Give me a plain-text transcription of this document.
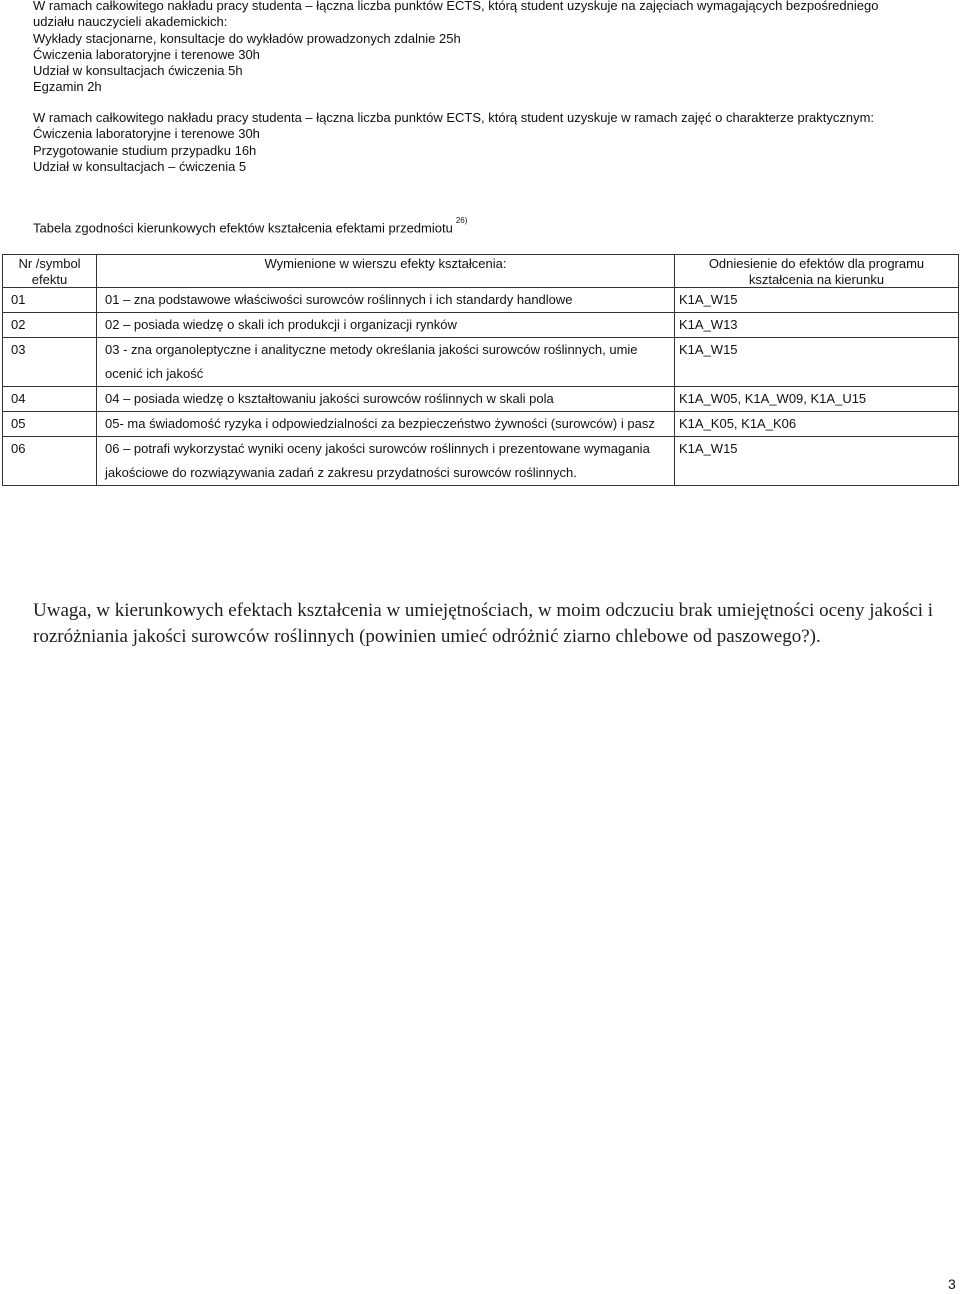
W ramach całkowitego nakładu pracy studenta – łączna liczba punktów ECTS, którą student uzyskuje na zajęciach wymagających bezpośredniego
udziału nauczycieli akademickich:
Wykłady stacjonarne, konsultacje do wykładów prowadzonych zdalnie 25h
Ćwiczenia laboratoryjne i terenowe 30h
Udział w konsultacjach ćwiczenia 5h
Egzamin 2h
W ramach całkowitego nakładu pracy studenta – łączna liczba punktów ECTS, którą student uzyskuje w ramach zajęć o charakterze praktycznym:
Ćwiczenia laboratoryjne i terenowe 30h
Przygotowanie studium przypadku 16h
Udział w konsultacjach – ćwiczenia 5
Tabela zgodności kierunkowych efektów kształcenia efektami przedmiotu $^{26)}$
Nr /symbol efektu	Wymienione w wierszu efekty kształcenia:	Odniesienie do efektów dla programu kształcenia na kierunku
01	01 – zna podstawowe właściwości surowców roślinnych i ich standardy handlowe	K1A_W15
02	02 – posiada wiedzę o skali ich produkcji i organizacji rynków	K1A_W13
03	03 - zna organoleptyczne i analityczne metody określania jakości surowców roślinnych, umie ocenić ich jakość	K1A_W15
04	04 – posiada wiedzę o kształtowaniu jakości surowców roślinnych w skali pola	K1A_W05, K1A_W09, K1A_U15
05	05- ma świadomość ryzyka i odpowiedzialności za bezpieczeństwo żywności (surowców) i pasz	K1A_K05, K1A_K06
06	06 – potrafi wykorzystać wyniki oceny jakości surowców roślinnych i prezentowane wymagania jakościowe do rozwiązywania zadań z zakresu przydatności surowców roślinnych.	K1A_W15
Uwaga, w kierunkowych efektach kształcenia w umiejętnościach, w moim odczuciu brak umiejętności oceny jakości i rozróżniania jakości surowców roślinnych (powinien umieć odróżnić ziarno chlebowe od paszowego?).
3
